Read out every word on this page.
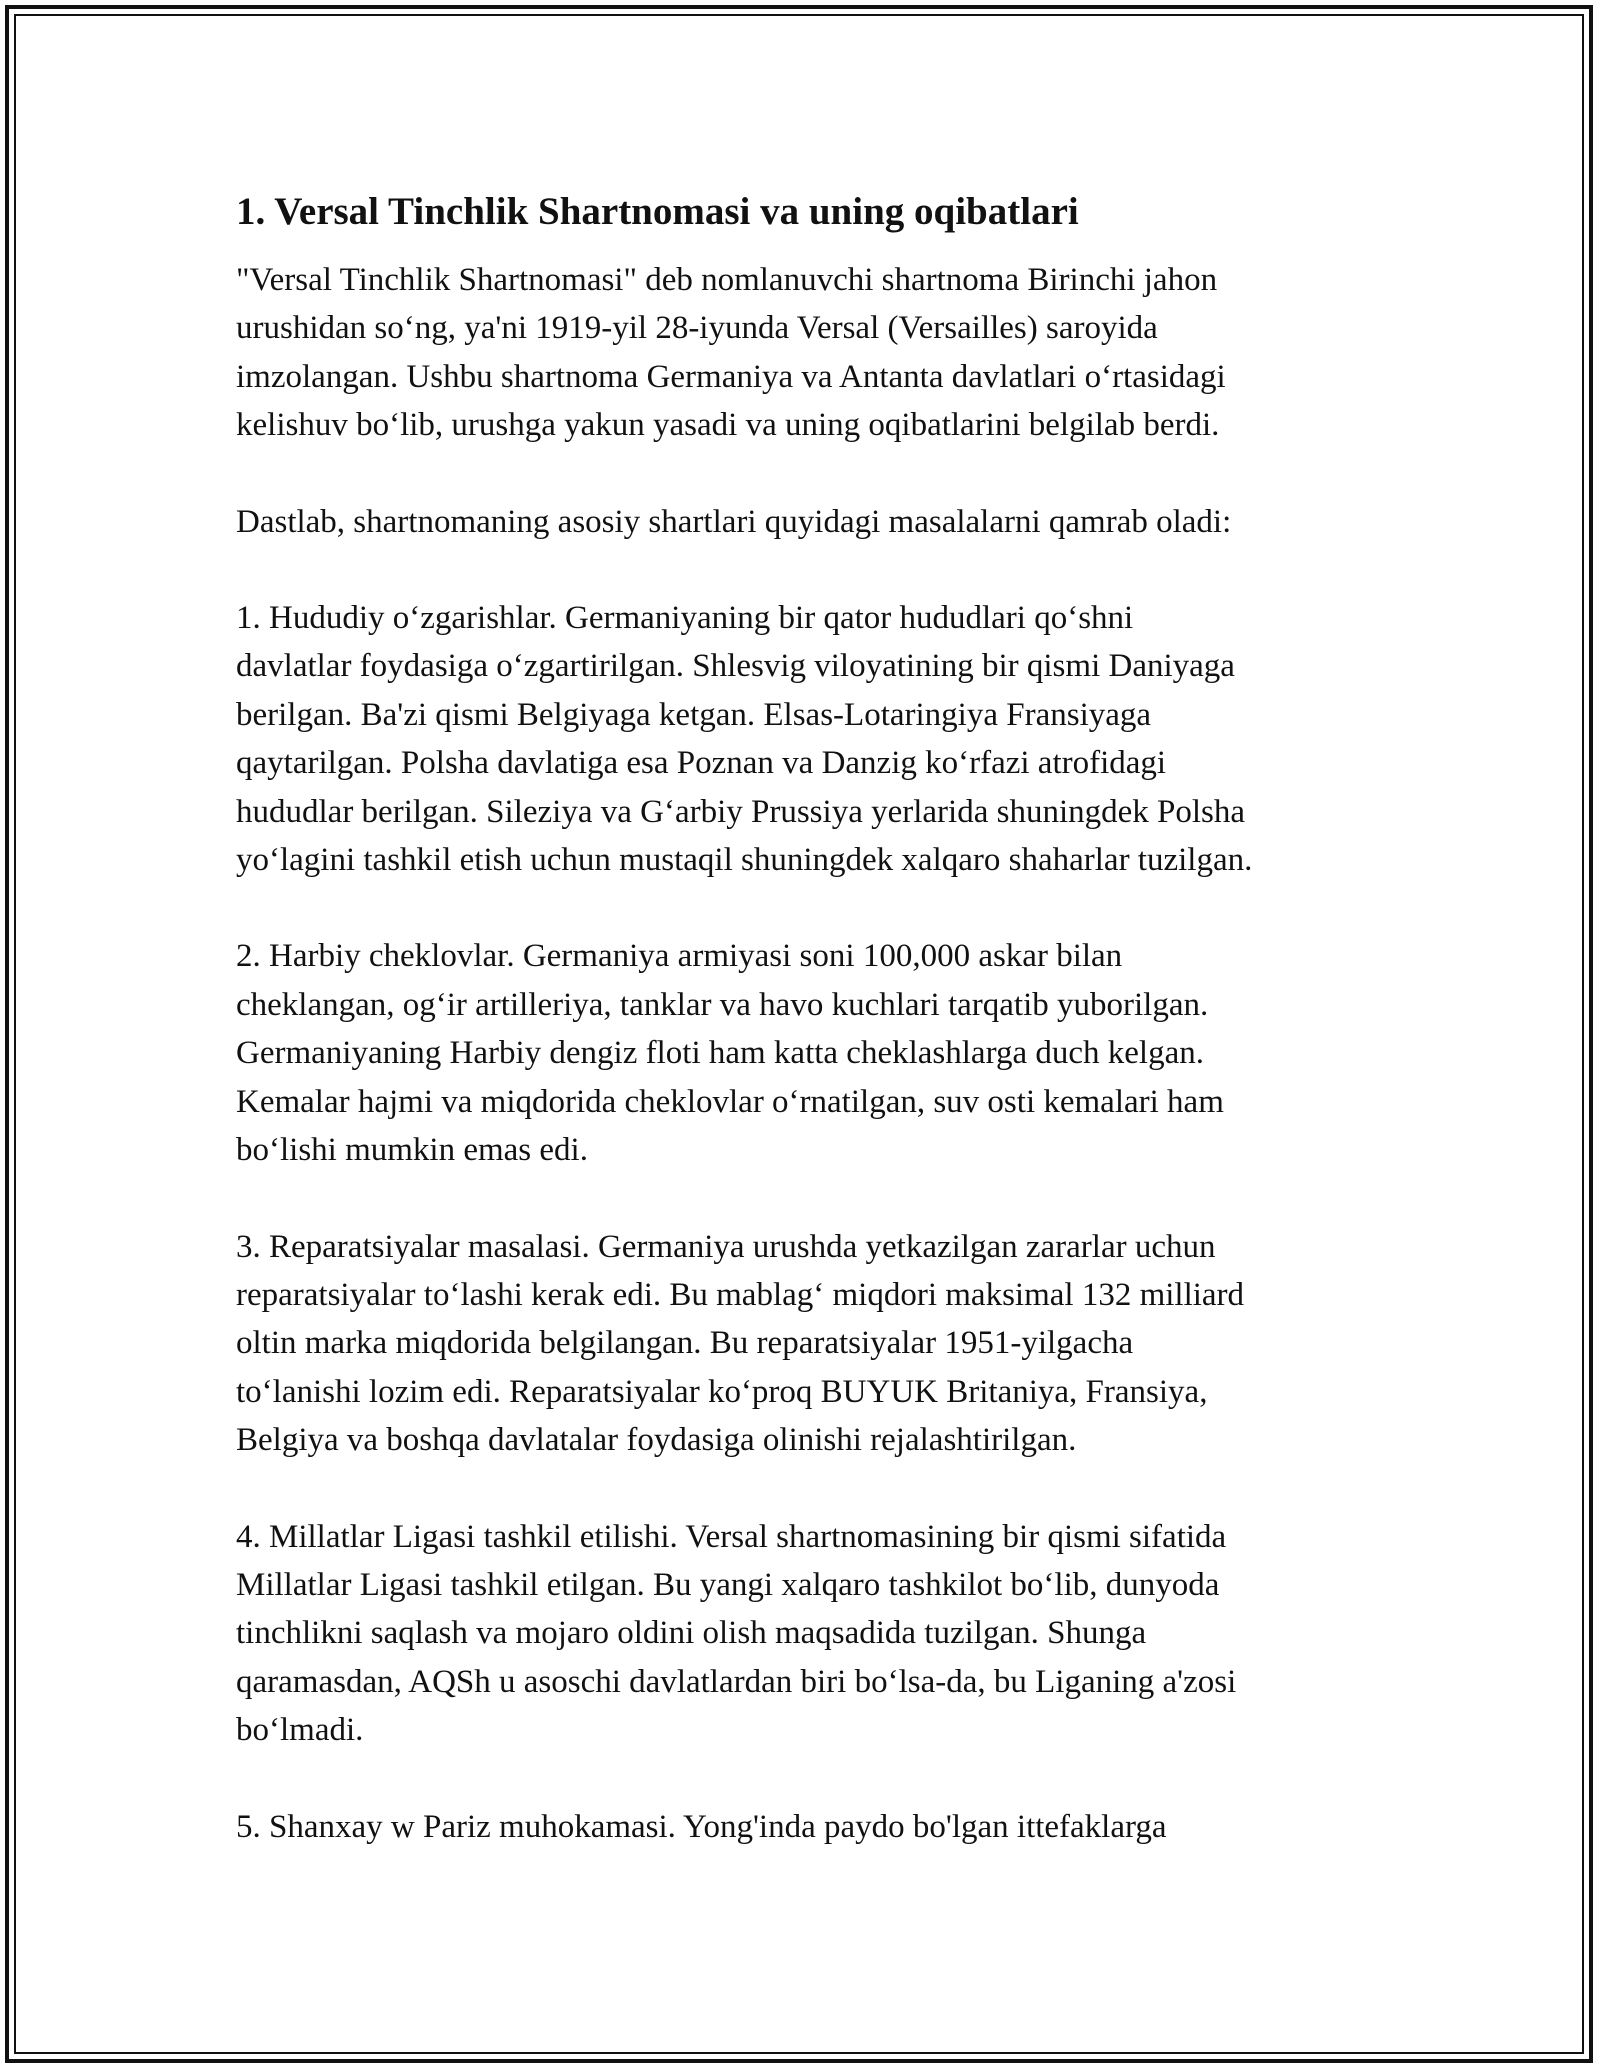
1. Versal Tinchlik Shartnomasi va uning oqibatlari

"Versal Tinchlik Shartnomasi" deb nomlanuvchi shartnoma Birinchi jahon
urushidan so‘ng, ya'ni 1919-yil 28-iyunda Versal (Versailles) saroyida
imzolangan. Ushbu shartnoma Germaniya va Antanta davlatlari o‘rtasidagi
kelishuv bo‘lib, urushga yakun yasadi va uning oqibatlarini belgilab berdi.

Dastlab, shartnomaning asosiy shartlari quyidagi masalalarni qamrab oladi:

1. Hududiy o‘zgarishlar. Germaniyaning bir qator hududlari qo‘shni
davlatlar foydasiga o‘zgartirilgan. Shlesvig viloyatining bir qismi Daniyaga
berilgan. Ba'zi qismi Belgiyaga ketgan. Elsas-Lotaringiya Fransiyaga
qaytarilgan. Polsha davlatiga esa Poznan va Danzig ko‘rfazi atrofidagi
hududlar berilgan. Sileziya va G‘arbiy Prussiya yerlarida shuningdek Polsha
yo‘lagini tashkil etish uchun mustaqil shuningdek xalqaro shaharlar tuzilgan.

2. Harbiy cheklovlar. Germaniya armiyasi soni 100,000 askar bilan
cheklangan, og‘ir artilleriya, tanklar va havo kuchlari tarqatib yuborilgan.
Germaniyaning Harbiy dengiz floti ham katta cheklashlarga duch kelgan.
Kemalar hajmi va miqdorida cheklovlar o‘rnatilgan, suv osti kemalari ham
bo‘lishi mumkin emas edi.

3. Reparatsiyalar masalasi. Germaniya urushda yetkazilgan zararlar uchun
reparatsiyalar to‘lashi kerak edi. Bu mablag‘ miqdori maksimal 132 milliard
oltin marka miqdorida belgilangan. Bu reparatsiyalar 1951-yilgacha
to‘lanishi lozim edi. Reparatsiyalar ko‘proq BUYUK Britaniya, Fransiya,
Belgiya va boshqa davlatalar foydasiga olinishi rejalashtirilgan.

4. Millatlar Ligasi tashkil etilishi. Versal shartnomasining bir qismi sifatida
Millatlar Ligasi tashkil etilgan. Bu yangi xalqaro tashkilot bo‘lib, dunyoda
tinchlikni saqlash va mojaro oldini olish maqsadida tuzilgan. Shunga
qaramasdan, AQSh u asoschi davlatlardan biri bo‘lsa-da, bu Liganing a'zosi
bo‘lmadi.

5. Shanxay w Pariz muhokamasi. Yong'inda paydo bo'lgan ittefaklarga
